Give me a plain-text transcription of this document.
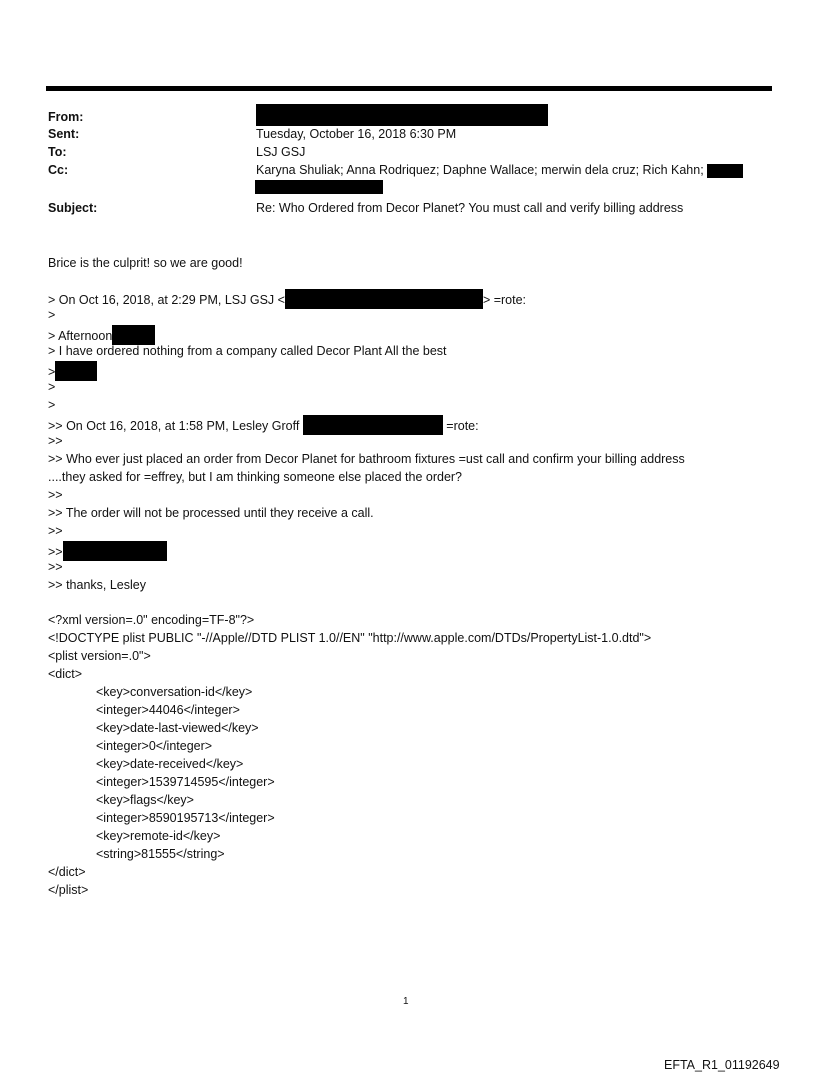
From:
Sent:	Tuesday, October 16, 2018 6:30 PM
To:	LSJ GSJ
Cc:	Karyna Shuliak; Anna Rodriquez; Daphne Wallace; merwin dela cruz; Rich Kahn;
Subject:	Re: Who Ordered from Decor Planet? You must call and verify billing address
Brice is the culprit! so we are good!
> On Oct 16, 2018, at 2:29 PM, LSJ GSJ <	> =rote:
>
> Afternoon
> I have ordered nothing from a company called Decor Plant All the best
>
>
>
>> On Oct 16, 2018, at 1:58 PM, Lesley Groff	=rote:
>>
>> Who ever just placed an order from Decor Planet for bathroom fixtures =ust call and confirm your billing address
....they asked for =effrey, but I am thinking someone else placed the order?
>>
>> The order will not be processed until they receive a call.
>>
>>
>>
>> thanks, Lesley
<?xml version=.0" encoding=TF-8"?>
<!DOCTYPE plist PUBLIC "-//Apple//DTD PLIST 1.0//EN" "http://www.apple.com/DTDs/PropertyList-1.0.dtd">
<plist version=.0">
<dict>
<key>conversation-id</key>
<integer>44046</integer>
<key>date-last-viewed</key>
<integer>0</integer>
<key>date-received</key>
<integer>1539714595</integer>
<key>flags</key>
<integer>8590195713</integer>
<key>remote-id</key>
<string>81555</string>
</dict>
</plist>
1
EFTA_R1_01192649
